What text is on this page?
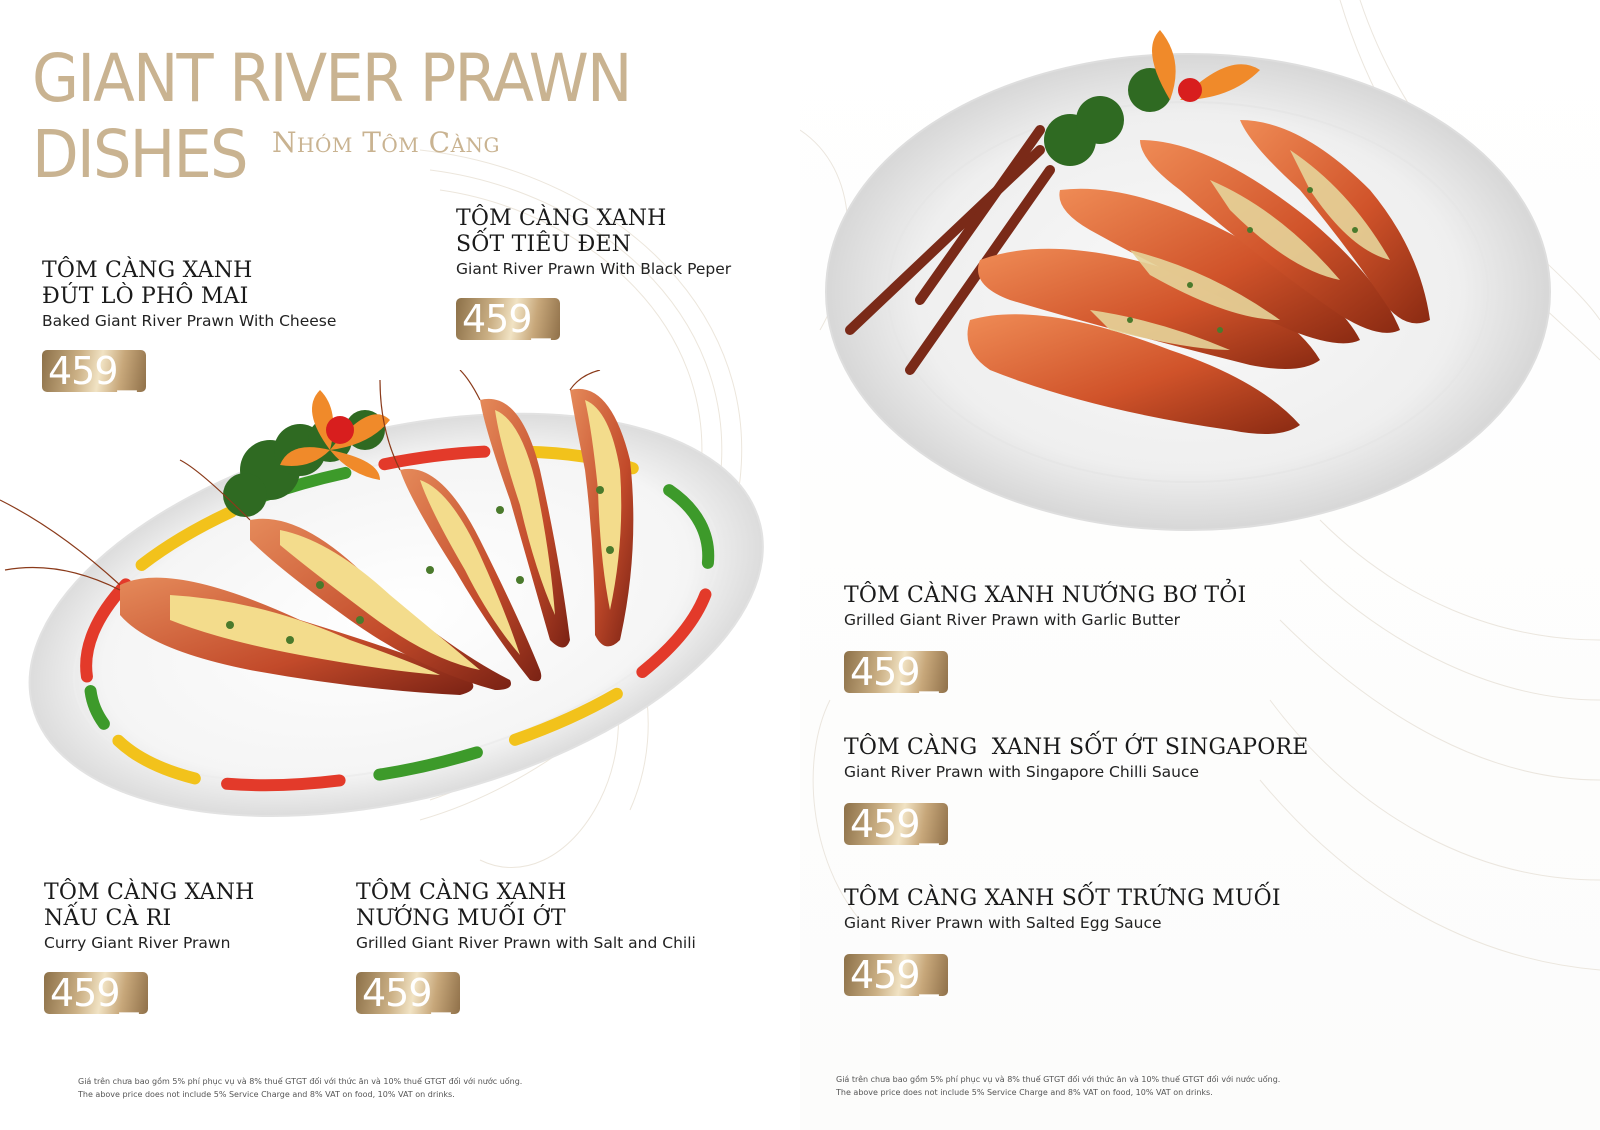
GIANT RIVER PRAWN
DISHES Nhóm Tôm Càng
TÔM CÀNG XANH
ĐÚT LÒ PHÔ MAI
Baked Giant River Prawn With Cheese
459_
TÔM CÀNG XANH
SỐT TIÊU ĐEN
Giant River Prawn With Black Peper
459_
TÔM CÀNG XANH
NẤU CÀ RI
Curry Giant River Prawn
459_
TÔM CÀNG XANH
NƯỚNG MUỐI ỚT
Grilled Giant River Prawn with Salt and Chili
459_
Giá trên chưa bao gồm 5% phí phục vụ và 8% thuế GTGT đối với thức ăn và 10% thuế GTGT đối với nước uống.
The above price does not include 5% Service Charge and 8% VAT on food, 10% VAT on drinks.
TÔM CÀNG XANH NƯỚNG BƠ TỎI
Grilled Giant River Prawn with Garlic Butter
459_
TÔM CÀNG  XANH SỐT ỚT SINGAPORE
Giant River Prawn with Singapore Chilli Sauce
459_
TÔM CÀNG XANH SỐT TRỨNG MUỐI
Giant River Prawn with Salted Egg Sauce
459_
Giá trên chưa bao gồm 5% phí phục vụ và 8% thuế GTGT đối với thức ăn và 10% thuế GTGT đối với nước uống.
The above price does not include 5% Service Charge and 8% VAT on food, 10% VAT on drinks.
